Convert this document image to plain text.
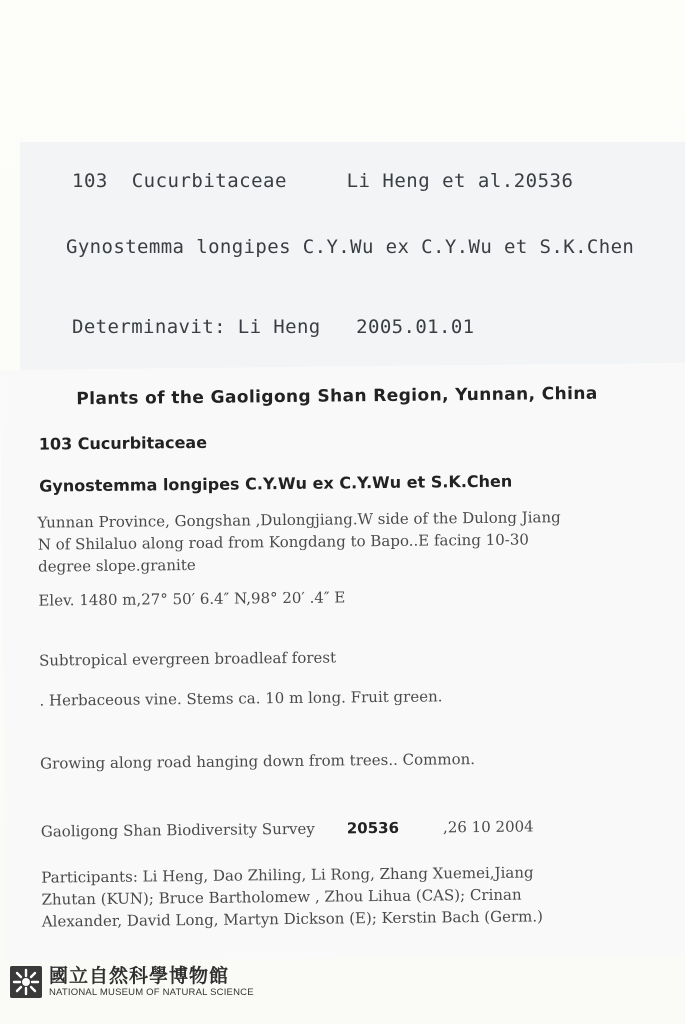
103  Cucurbitaceae     Li Heng et al.20536
Gynostemma longipes C.Y.Wu ex C.Y.Wu et S.K.Chen
Determinavit: Li Heng   2005.01.01
Plants of the Gaoligong Shan Region, Yunnan, China
103 Cucurbitaceae
Gynostemma longipes C.Y.Wu ex C.Y.Wu et S.K.Chen
Yunnan Province, Gongshan ,Dulongjiang.W side of the Dulong Jiang
N of Shilaluo along road from Kongdang to Bapo..E facing 10-30
degree slope.granite
Elev. 1480 m,27° 50′ 6.4″ N,98° 20′ .4″ E
Subtropical evergreen broadleaf forest
. Herbaceous vine. Stems ca. 10 m long. Fruit green.
Growing along road hanging down from trees.. Common.
Gaoligong Shan Biodiversity Survey 20536	,26 10 2004
Participants: Li Heng, Dao Zhiling, Li Rong, Zhang Xuemei,Jiang
Zhutan (KUN); Bruce Bartholomew , Zhou Lihua (CAS); Crinan
Alexander, David Long, Martyn Dickson (E); Kerstin Bach (Germ.)
國立自然科學博物館
NATIONAL MUSEUM OF NATURAL SCIENCE
